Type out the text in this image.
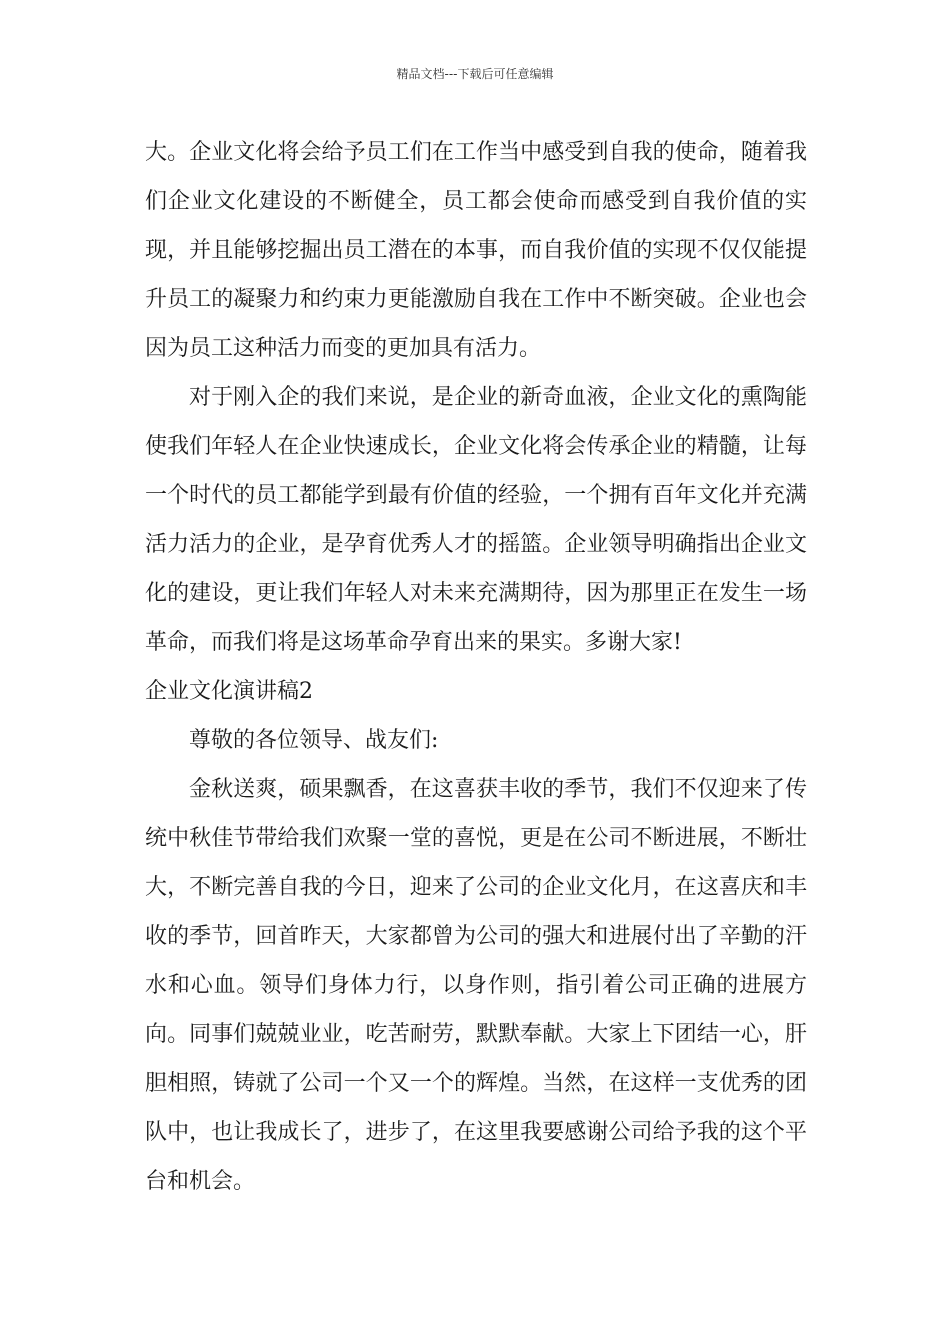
精品文档---下载后可任意编辑

大。企业文化将会给予员工们在工作当中感受到自我的使命，随着我们企业文化建设的不断健全，员工都会使命而感受到自我价值的实现，并且能够挖掘出员工潜在的本事，而自我价值的实现不仅仅能提升员工的凝聚力和约束力更能激励自我在工作中不断突破。企业也会因为员工这种活力而变的更加具有活力。

对于刚入企的我们来说，是企业的新奇血液，企业文化的熏陶能使我们年轻人在企业快速成长，企业文化将会传承企业的精髓，让每一个时代的员工都能学到最有价值的经验，一个拥有百年文化并充满活力活力的企业，是孕育优秀人才的摇篮。企业领导明确指出企业文化的建设，更让我们年轻人对未来充满期待，因为那里正在发生一场革命，而我们将是这场革命孕育出来的果实。多谢大家!

企业文化演讲稿2

尊敬的各位领导、战友们:

金秋送爽，硕果飘香，在这喜获丰收的季节，我们不仅迎来了传统中秋佳节带给我们欢聚一堂的喜悦，更是在公司不断进展，不断壮大，不断完善自我的今日，迎来了公司的企业文化月，在这喜庆和丰收的季节，回首昨天，大家都曾为公司的强大和进展付出了辛勤的汗水和心血。领导们身体力行，以身作则，指引着公司正确的进展方向。同事们兢兢业业，吃苦耐劳，默默奉献。大家上下团结一心，肝胆相照，铸就了公司一个又一个的辉煌。当然，在这样一支优秀的团队中，也让我成长了，进步了，在这里我要感谢公司给予我的这个平台和机会。
